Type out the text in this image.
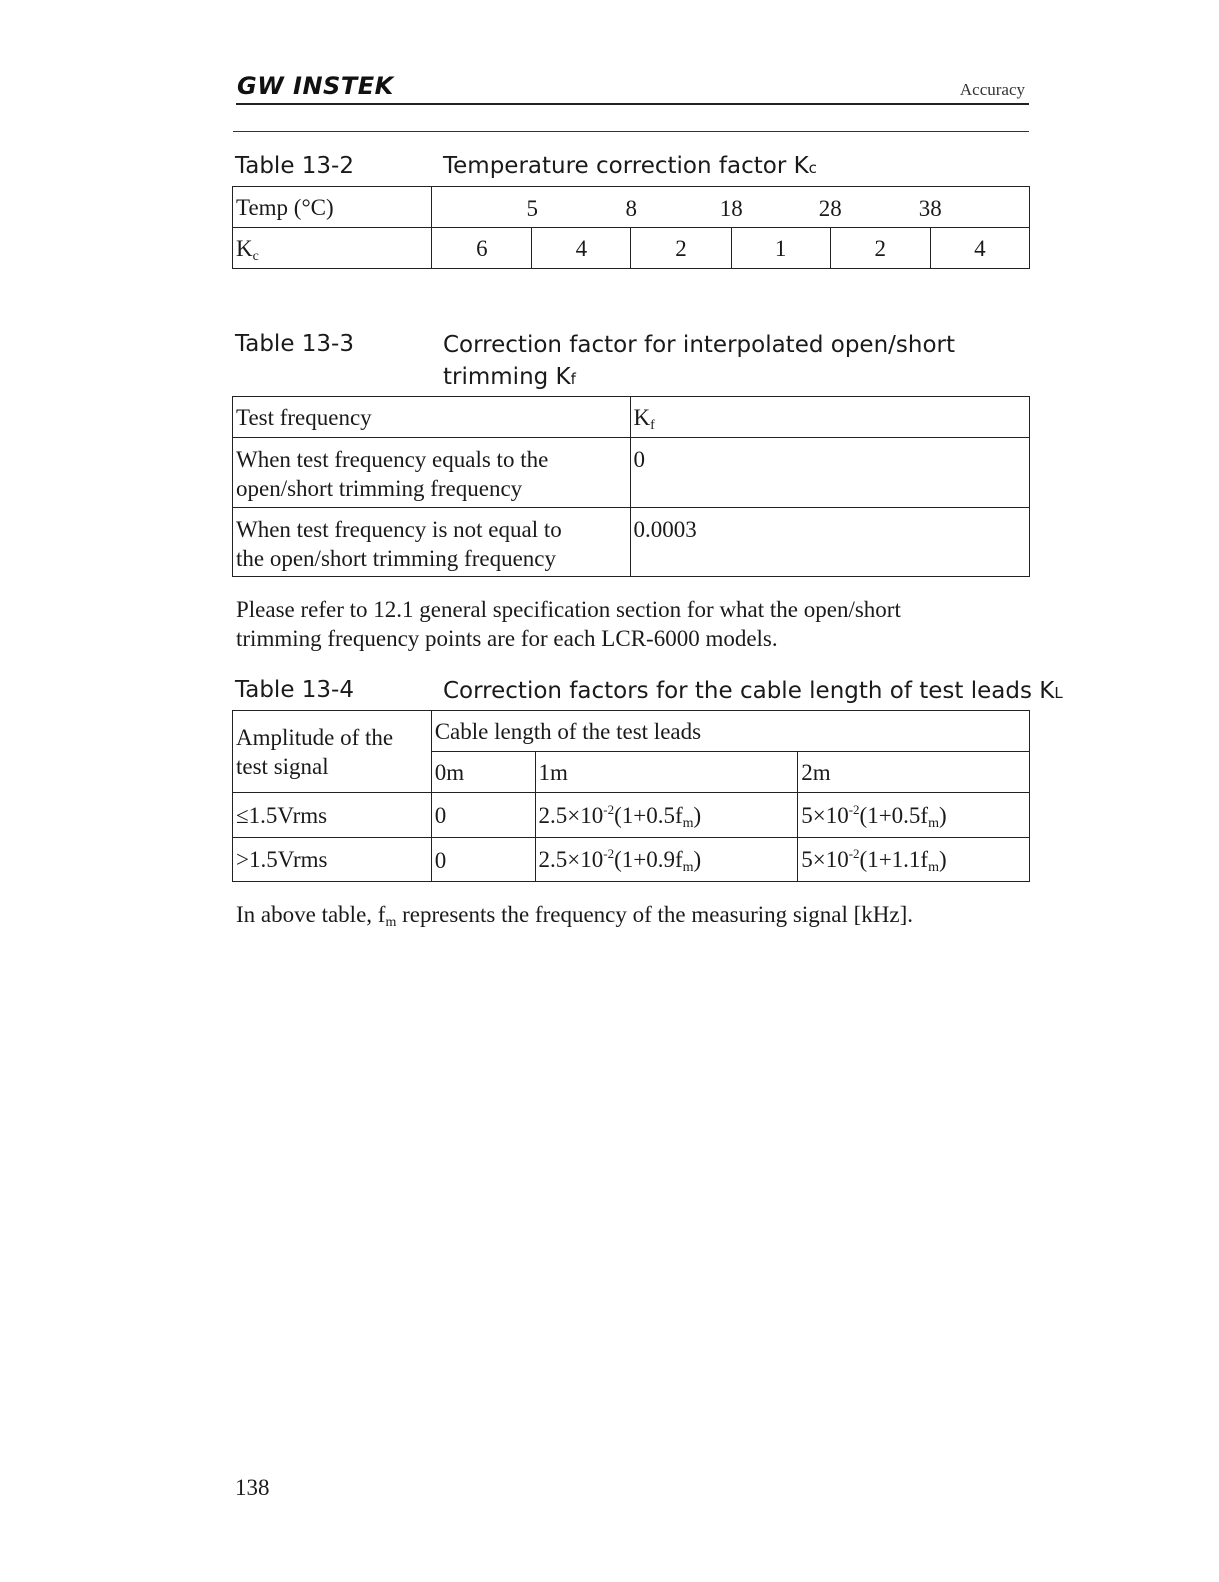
GW INSTEK	Accuracy
Table 13-2	Temperature correction factor Kc
Temp (°C)	5 8 18 28 38					

$K_c$	6	4	2	1	2	4
Table 13-3	Correction factor for interpolated open/short
trimming Kf
Test frequency	$K_f$

When test frequency equals to the
open/short trimming frequency	0

When test frequency is not equal to
the open/short trimming frequency	0.0003
Please refer to 12.1 general specification section for what the open/short
trimming frequency points are for each LCR-6000 models.
Table 13-4	Correction factors for the cable length of test leads KL
Amplitude of the
test signal	Cable length of the test leads		
	0m	1m	2m
≤1.5Vrms	0	$2.5\times 10^{-2}(1+0.5f_m)$	$5\times 10^{-2}(1+0.5f_m)$
>1.5Vrms	0	$2.5\times 10^{-2}(1+0.9f_m)$	$5\times 10^{-2}(1+1.1f_m)$
In above table, $f_m$ represents the frequency of the measuring signal [kHz].
138
